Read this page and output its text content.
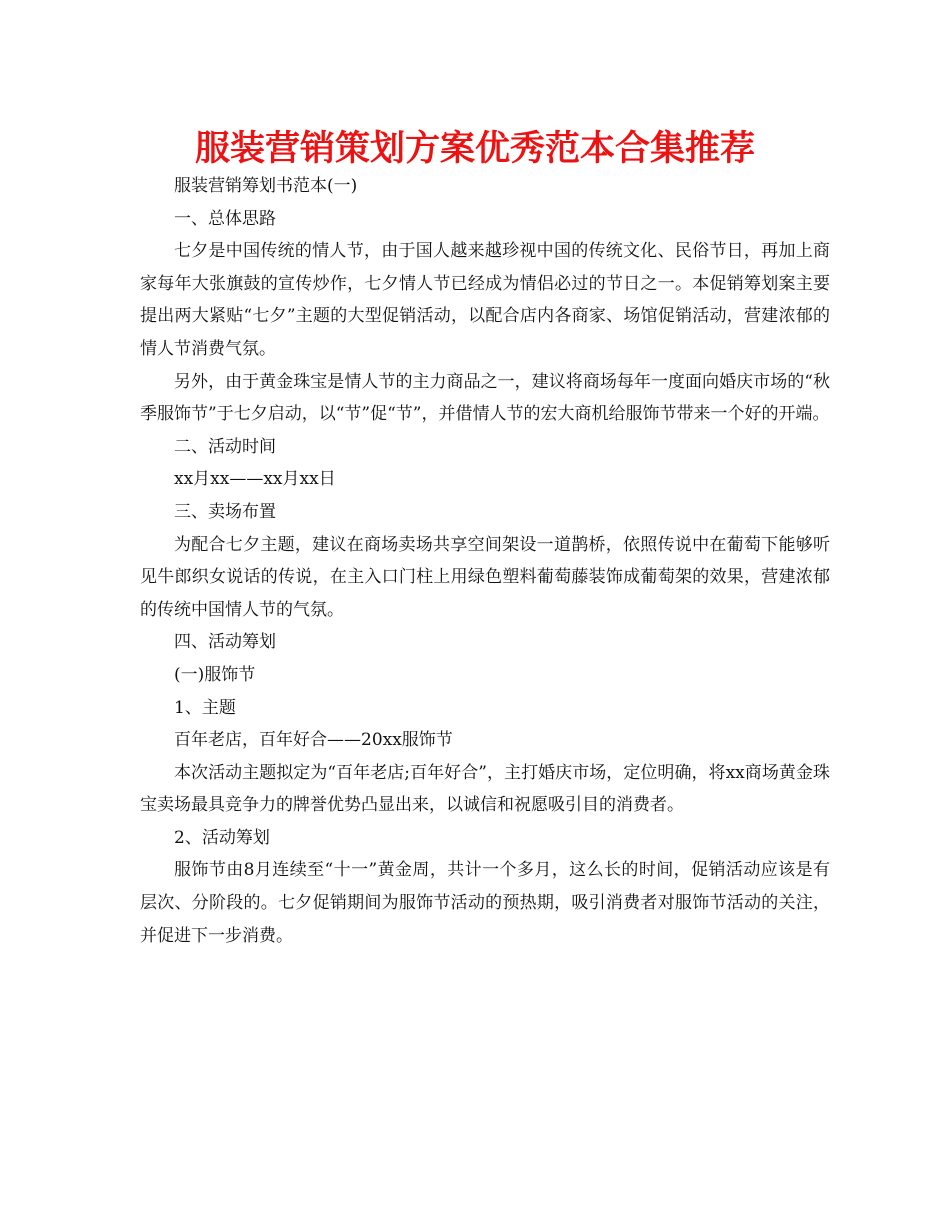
服装营销策划方案优秀范本合集推荐

服装营销筹划书范本(一)

一、总体思路

七夕是中国传统的情人节，由于国人越来越珍视中国的传统文化、民俗节日，再加上商家每年大张旗鼓的宣传炒作，七夕情人节已经成为情侣必过的节日之一。本促销筹划案主要提出两大紧贴“七夕”主题的大型促销活动，以配合店内各商家、场馆促销活动，营建浓郁的情人节消费气氛。

另外，由于黄金珠宝是情人节的主力商品之一，建议将商场每年一度面向婚庆市场的“秋季服饰节”于七夕启动，以“节”促“节”，并借情人节的宏大商机给服饰节带来一个好的开端。

二、活动时间

xx月xx——xx月xx日

三、卖场布置

为配合七夕主题，建议在商场卖场共享空间架设一道鹊桥，依照传说中在葡萄下能够听见牛郎织女说话的传说，在主入口门柱上用绿色塑料葡萄藤装饰成葡萄架的效果，营建浓郁的传统中国情人节的气氛。

四、活动筹划

(一)服饰节

1、主题

百年老店，百年好合——20xx服饰节

本次活动主题拟定为“百年老店;百年好合”，主打婚庆市场，定位明确，将xx商场黄金珠宝卖场最具竞争力的牌誉优势凸显出来，以诚信和祝愿吸引目的消费者。

2、活动筹划

服饰节由8月连续至“十一”黄金周，共计一个多月，这么长的时间，促销活动应该是有层次、分阶段的。七夕促销期间为服饰节活动的预热期，吸引消费者对服饰节活动的关注，并促进下一步消费。
